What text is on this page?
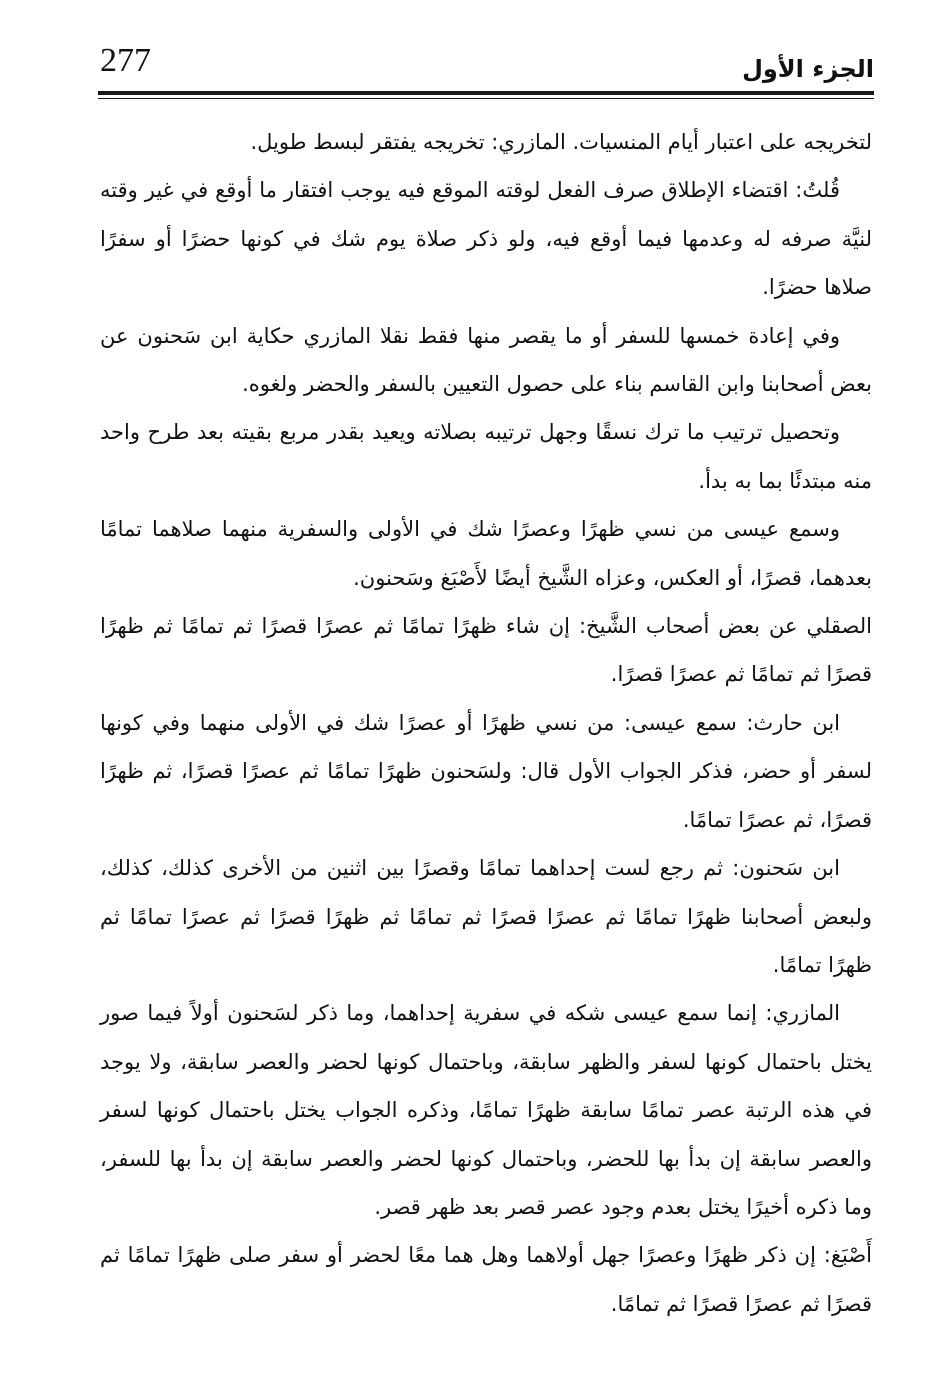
277	الجزء الأول

لتخريجه على اعتبار أيام المنسيات. المازري: تخريجه يفتقر لبسط طويل.

قُلتُ: اقتضاء الإطلاق صرف الفعل لوقته الموقع فيه يوجب افتقار ما أوقع في غير وقته لنيَّة صرفه له وعدمها فيما أوقع فيه، ولو ذكر صلاة يوم شك في كونها حضرًا أو سفرًا صلاها حضرًا.

وفي إعادة خمسها للسفر أو ما يقصر منها فقط نقلا المازري حكاية ابن سَحنون عن بعض أصحابنا وابن القاسم بناء على حصول التعيين بالسفر والحضر ولغوه.

وتحصيل ترتيب ما ترك نسقًا وجهل ترتيبه بصلاته ويعيد بقدر مربع بقيته بعد طرح واحد منه مبتدئًا بما به بدأ.

وسمع عيسى من نسي ظهرًا وعصرًا شك في الأولى والسفرية منهما صلاهما تمامًا بعدهما، قصرًا، أو العكس، وعزاه الشَّيخ أيضًا لأَصْبَغ وسَحنون.

الصقلي عن بعض أصحاب الشَّيخ: إن شاء ظهرًا تمامًا ثم عصرًا قصرًا ثم تمامًا ثم ظهرًا قصرًا ثم تمامًا ثم عصرًا قصرًا.

ابن حارث: سمع عيسى: من نسي ظهرًا أو عصرًا شك في الأولى منهما وفي كونها لسفر أو حضر، فذكر الجواب الأول قال: ولسَحنون ظهرًا تمامًا ثم عصرًا قصرًا، ثم ظهرًا قصرًا، ثم عصرًا تمامًا.

ابن سَحنون: ثم رجع لست إحداهما تمامًا وقصرًا بين اثنين من الأخرى كذلك، كذلك، ولبعض أصحابنا ظهرًا تمامًا ثم عصرًا قصرًا ثم تمامًا ثم ظهرًا قصرًا ثم عصرًا تمامًا ثم ظهرًا تمامًا.

المازري: إنما سمع عيسى شكه في سفرية إحداهما، وما ذكر لسَحنون أولاً فيما صور يختل باحتمال كونها لسفر والظهر سابقة، وباحتمال كونها لحضر والعصر سابقة، ولا يوجد في هذه الرتبة عصر تمامًا سابقة ظهرًا تمامًا، وذكره الجواب يختل باحتمال كونها لسفر والعصر سابقة إن بدأ بها للحضر، وباحتمال كونها لحضر والعصر سابقة إن بدأ بها للسفر، وما ذكره أخيرًا يختل بعدم وجود عصر قصر بعد ظهر قصر.

أَصْبَغ: إن ذكر ظهرًا وعصرًا جهل أولاهما وهل هما معًا لحضر أو سفر صلى ظهرًا تمامًا ثم قصرًا ثم عصرًا قصرًا ثم تمامًا.
